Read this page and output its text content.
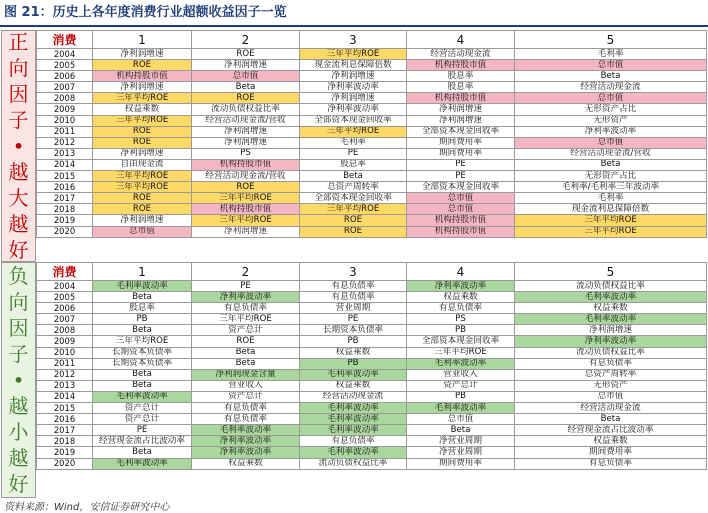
图 21：历史上各年度消费行业超额收益因子一览
正向因子•越大越好
消费	1	2	3	4	5
2004	净利润增速	ROE	三年平均ROE	经营活动现金流	毛利率
2005	ROE	净利润增速	现金流利息保障倍数	机构持股市值	总市值
2006	机构持股市值	总市值	净利润增速	股息率	Beta
2007	净利润增速	Beta	净利率波动率	股息率	经营活动现金流
2008	三年平均ROE	ROE	净利润增速	机构持股市值	总市值
2009	权益乘数	流动负债权益比率	净利率波动率	净利润增速	无形资产占比
2010	三年平均ROE	经营活动现金流/营收	全部资本现金回收率	净利润增速	无形资产
2011	ROE	净利润增速	三年平均ROE	全部资本现金回收率	净利率波动率
2012	ROE	净利润增速	毛利率	期间费用率	总市值
2013	净利润增速	PS	PE	期间费用率	经营活动现金流/营收
2014	自由现金流	机构持股市值	股息率	PE	Beta
2015	三年平均ROE	经营活动现金流/营收	Beta	PE	无形资产占比
2016	三年平均ROE	ROE	总资产周转率	全部资本现金回收率	毛利率/毛利率三年波动率
2017	ROE	三年平均ROE	全部资本现金回收率	总市值	毛利率
2018	ROE	机构持股市值	三年平均ROE	总市值	现金流利息保障倍数
2019	净利润增速	三年平均ROE	ROE	机构持股市值	三年平均ROE
2020	总市值	净利润增速	ROE	机构持股市值	三年平均ROE
负向因子•越小越好
消费	1	2	3	4	5
2004	毛利率波动率	PE	有息负债率	净利率波动率	流动负债权益比率
2005	Beta	净利率波动率	有息负债率	权益乘数	毛利率波动率
2006	股息率	有息负债率	营业周期	有息负债率	权益乘数
2007	PB	三年平均ROE	PE	PS	毛利率波动率
2008	Beta	资产总计	长期资本负债率	PB	净利润增速
2009	三年平均ROE	ROE	PB	全部资本现金回收率	净利率波动率
2010	长期资本负债率	Beta	权益乘数	三年平均ROE	流动负债权益比率
2011	长期资本负债率	Beta	PB	毛利率波动率	有息负债率
2012	Beta	净利润现金含量	毛利率波动率	营业收入	总资产周转率
2013	Beta	营业收入	权益乘数	资产总计	无形资产
2014	毛利率波动率	资产总计	经营活动现金流	PB	总市值
2015	资产总计	有息负债率	毛利率波动率	毛利率波动率	经营活动现金流
2016	资产总计	有息负债率	毛利率波动率	总市值	Beta
2017	PE	毛利率波动率	毛利率波动率	Beta	经营现金流占比波动率
2018	经营现金流占比波动率	净利率波动率	有息负债率	净营业周期	权益乘数
2019	Beta	净利率波动率	毛利率波动率	净营业周期	期间费用率
2020	毛利率波动率	权益乘数	流动负债权益比率	期间费用率	有息负债率
资料来源：Wind，安信证券研究中心
